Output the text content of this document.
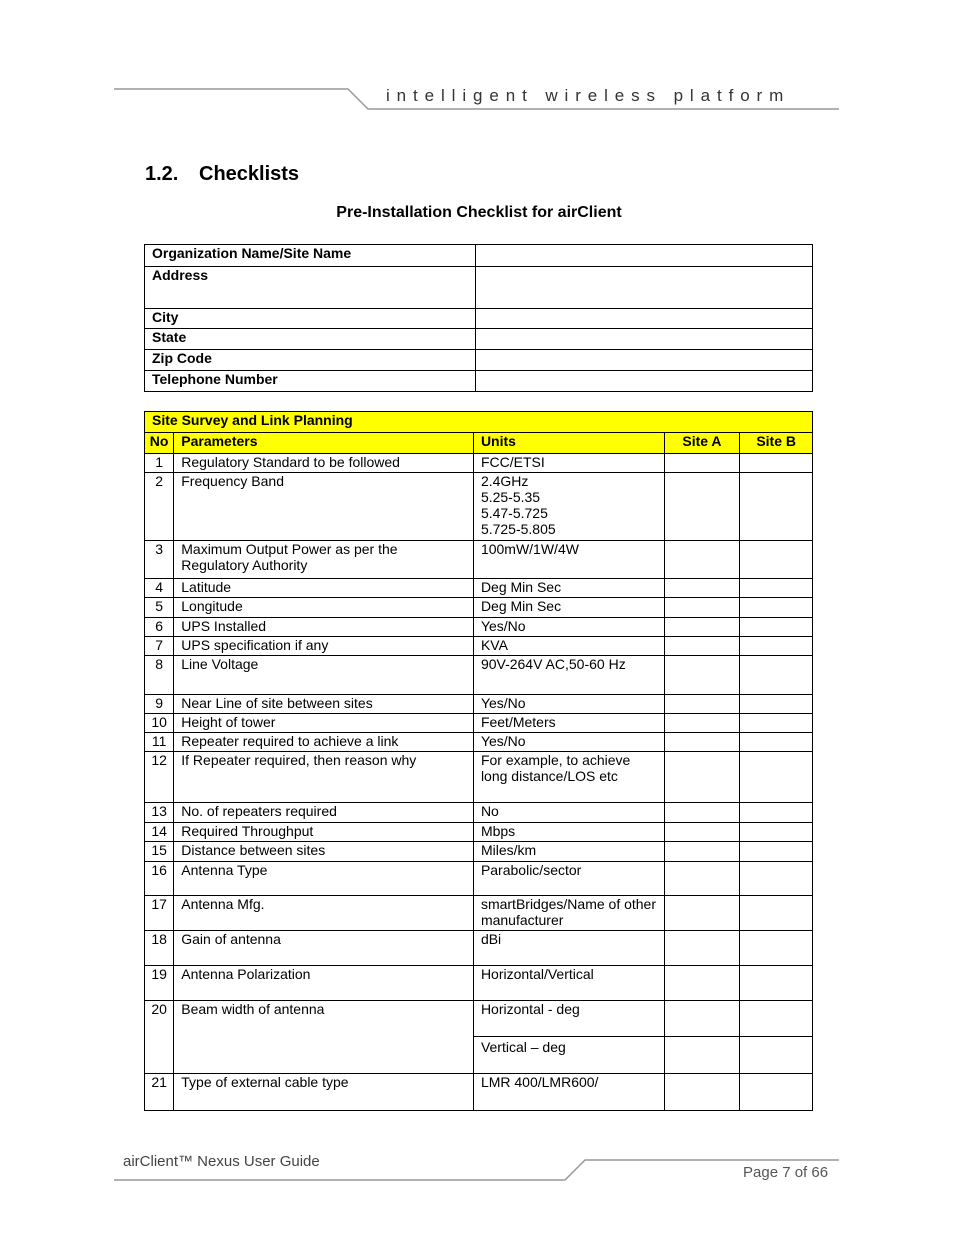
intelligent wireless platform
1.2. Checklists
Pre-Installation Checklist for airClient
Organization Name/Site Name	
Address	
City	
State	
Zip Code	
Telephone Number	
Site Survey and Link Planning				
No	Parameters	Units	Site A	Site B
1	Regulatory Standard to be followed	FCC/ETSI		
2	Frequency Band	2.4GHz
5.25-5.35
5.47-5.725
5.725-5.805		
3	Maximum Output Power as per the Regulatory Authority	100mW/1W/4W		
4	Latitude	Deg Min Sec		
5	Longitude	Deg Min Sec		
6	UPS Installed	Yes/No		
7	UPS specification if any	KVA		
8	Line Voltage	90V-264V AC,50-60 Hz		
9	Near Line of site between sites	Yes/No		
10	Height of tower	Feet/Meters		
11	Repeater required to achieve a link	Yes/No		
12	If Repeater required, then reason why	For example, to achieve long distance/LOS etc		
13	No. of repeaters required	No		
14	Required Throughput	Mbps		
15	Distance between sites	Miles/km		
16	Antenna Type	Parabolic/sector		
17	Antenna Mfg.	smartBridges/Name of other manufacturer		
18	Gain of antenna	dBi		
19	Antenna Polarization	Horizontal/Vertical		
20	Beam width of antenna	Horizontal - deg		
		Vertical – deg		
21	Type of external cable type	LMR 400/LMR600/		
airClient™ Nexus User Guide
Page 7 of 66
